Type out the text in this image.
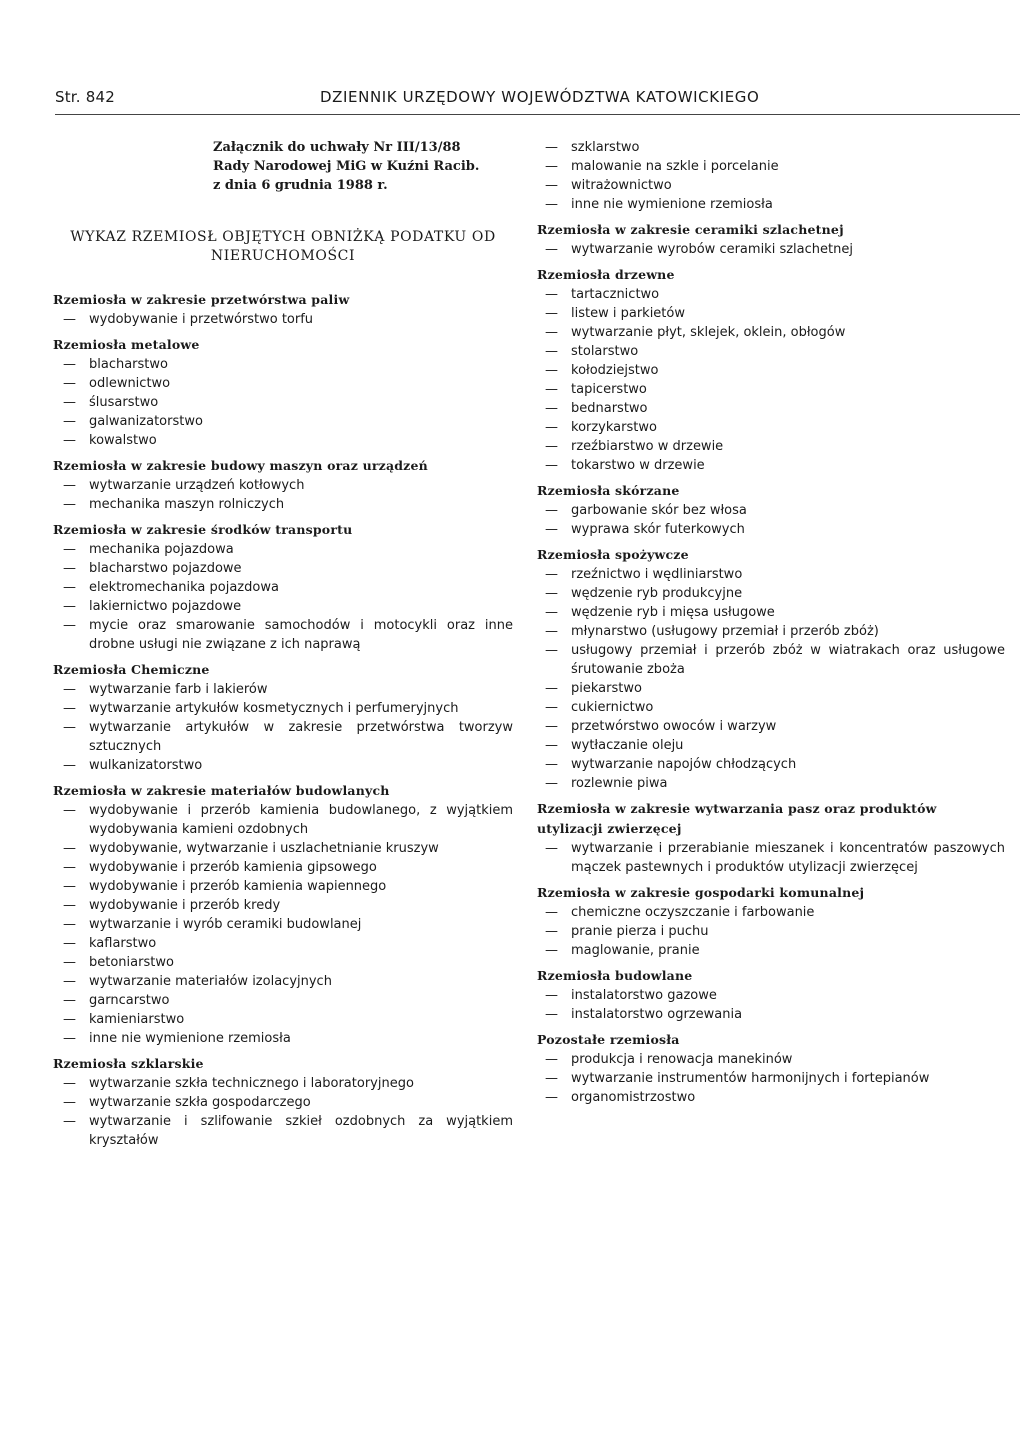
Str. 842	DZIENNIK URZĘDOWY WOJEWÓDZTWA KATOWICKIEGO
Załącznik do uchwały Nr III/13/88
Rady Narodowej MiG w Kuźni Racib.
z dnia 6 grudnia 1988 r.
WYKAZ RZEMIOSŁ OBJĘTYCH OBNIŻKĄ PODATKU OD NIERUCHOMOŚCI
Rzemiosła w zakresie przetwórstwa paliw
— wydobywanie i przetwórstwo torfu
Rzemiosła metalowe
— blacharstwo
— odlewnictwo
— ślusarstwo
— galwanizatorstwo
— kowalstwo
Rzemiosła w zakresie budowy maszyn oraz urządzeń
— wytwarzanie urządzeń kotłowych
— mechanika maszyn rolniczych
Rzemiosła w zakresie środków transportu
— mechanika pojazdowa
— blacharstwo pojazdowe
— elektromechanika pojazdowa
— lakiernictwo pojazdowe
— mycie oraz smarowanie samochodów i motocykli oraz inne drobne usługi nie związane z ich naprawą
Rzemiosła Chemiczne
— wytwarzanie farb i lakierów
— wytwarzanie artykułów kosmetycznych i perfumeryjnych
— wytwarzanie artykułów w zakresie przetwórstwa tworzyw sztucznych
— wulkanizatorstwo
Rzemiosła w zakresie materiałów budowlanych
— wydobywanie i przerób kamienia budowlanego, z wyjątkiem wydobywania kamieni ozdobnych
— wydobywanie, wytwarzanie i uszlachetnianie kruszyw
— wydobywanie i przerób kamienia gipsowego
— wydobywanie i przerób kamienia wapiennego
— wydobywanie i przerób kredy
— wytwarzanie i wyrób ceramiki budowlanej
— kaflarstwo
— betoniarstwo
— wytwarzanie materiałów izolacyjnych
— garncarstwo
— kamieniarstwo
— inne nie wymienione rzemiosła
Rzemiosła szklarskie
— wytwarzanie szkła technicznego i laboratoryjnego
— wytwarzanie szkła gospodarczego
— wytwarzanie i szlifowanie szkieł ozdobnych za wyjątkiem kryształów
— szklarstwo
— malowanie na szkle i porcelanie
— witrażownictwo
— inne nie wymienione rzemiosła
Rzemiosła w zakresie ceramiki szlachetnej
— wytwarzanie wyrobów ceramiki szlachetnej
Rzemiosła drzewne
— tartacznictwo
— listew i parkietów
— wytwarzanie płyt, sklejek, oklein, obłogów
— stolarstwo
— kołodziejstwo
— tapicerstwo
— bednarstwo
— korzykarstwo
— rzeźbiarstwo w drzewie
— tokarstwo w drzewie
Rzemiosła skórzane
— garbowanie skór bez włosa
— wyprawa skór futerkowych
Rzemiosła spożywcze
— rzeźnictwo i wędliniarstwo
— wędzenie ryb produkcyjne
— wędzenie ryb i mięsa usługowe
— młynarstwo (usługowy przemiał i przerób zbóż)
— usługowy przemiał i przerób zbóż w wiatrakach oraz usługowe śrutowanie zboża
— piekarstwo
— cukiernictwo
— przetwórstwo owoców i warzyw
— wytłaczanie oleju
— wytwarzanie napojów chłodzących
— rozlewnie piwa
Rzemiosła w zakresie wytwarzania pasz oraz produktów utylizacji zwierzęcej
— wytwarzanie i przerabianie mieszanek i koncentratów paszowych mączek pastewnych i produktów utylizacji zwierzęcej
Rzemiosła w zakresie gospodarki komunalnej
— chemiczne oczyszczanie i farbowanie
— pranie pierza i puchu
— maglowanie, pranie
Rzemiosła budowlane
— instalatorstwo gazowe
— instalatorstwo ogrzewania
Pozostałe rzemiosła
— produkcja i renowacja manekinów
— wytwarzanie instrumentów harmonijnych i fortepianów
— organomistrzostwo
